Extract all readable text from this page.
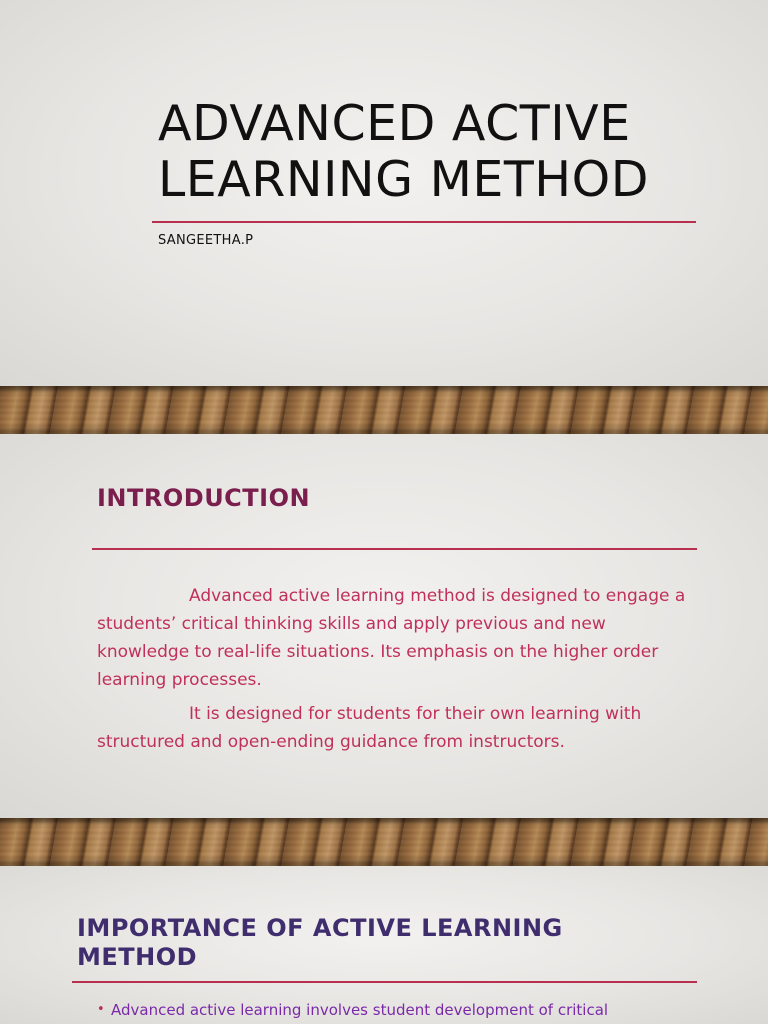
ADVANCED ACTIVE
LEARNING METHOD
SANGEETHA.P
INTRODUCTION

Advanced active learning method is designed to engage a students’ critical thinking skills and apply previous and new knowledge to real-life situations. Its emphasis on the higher order learning processes.

It is designed for students for their own learning with structured and open-ending guidance from instructors.

IMPORTANCE OF ACTIVE LEARNING METHOD
• Advanced active learning involves student development of critical
